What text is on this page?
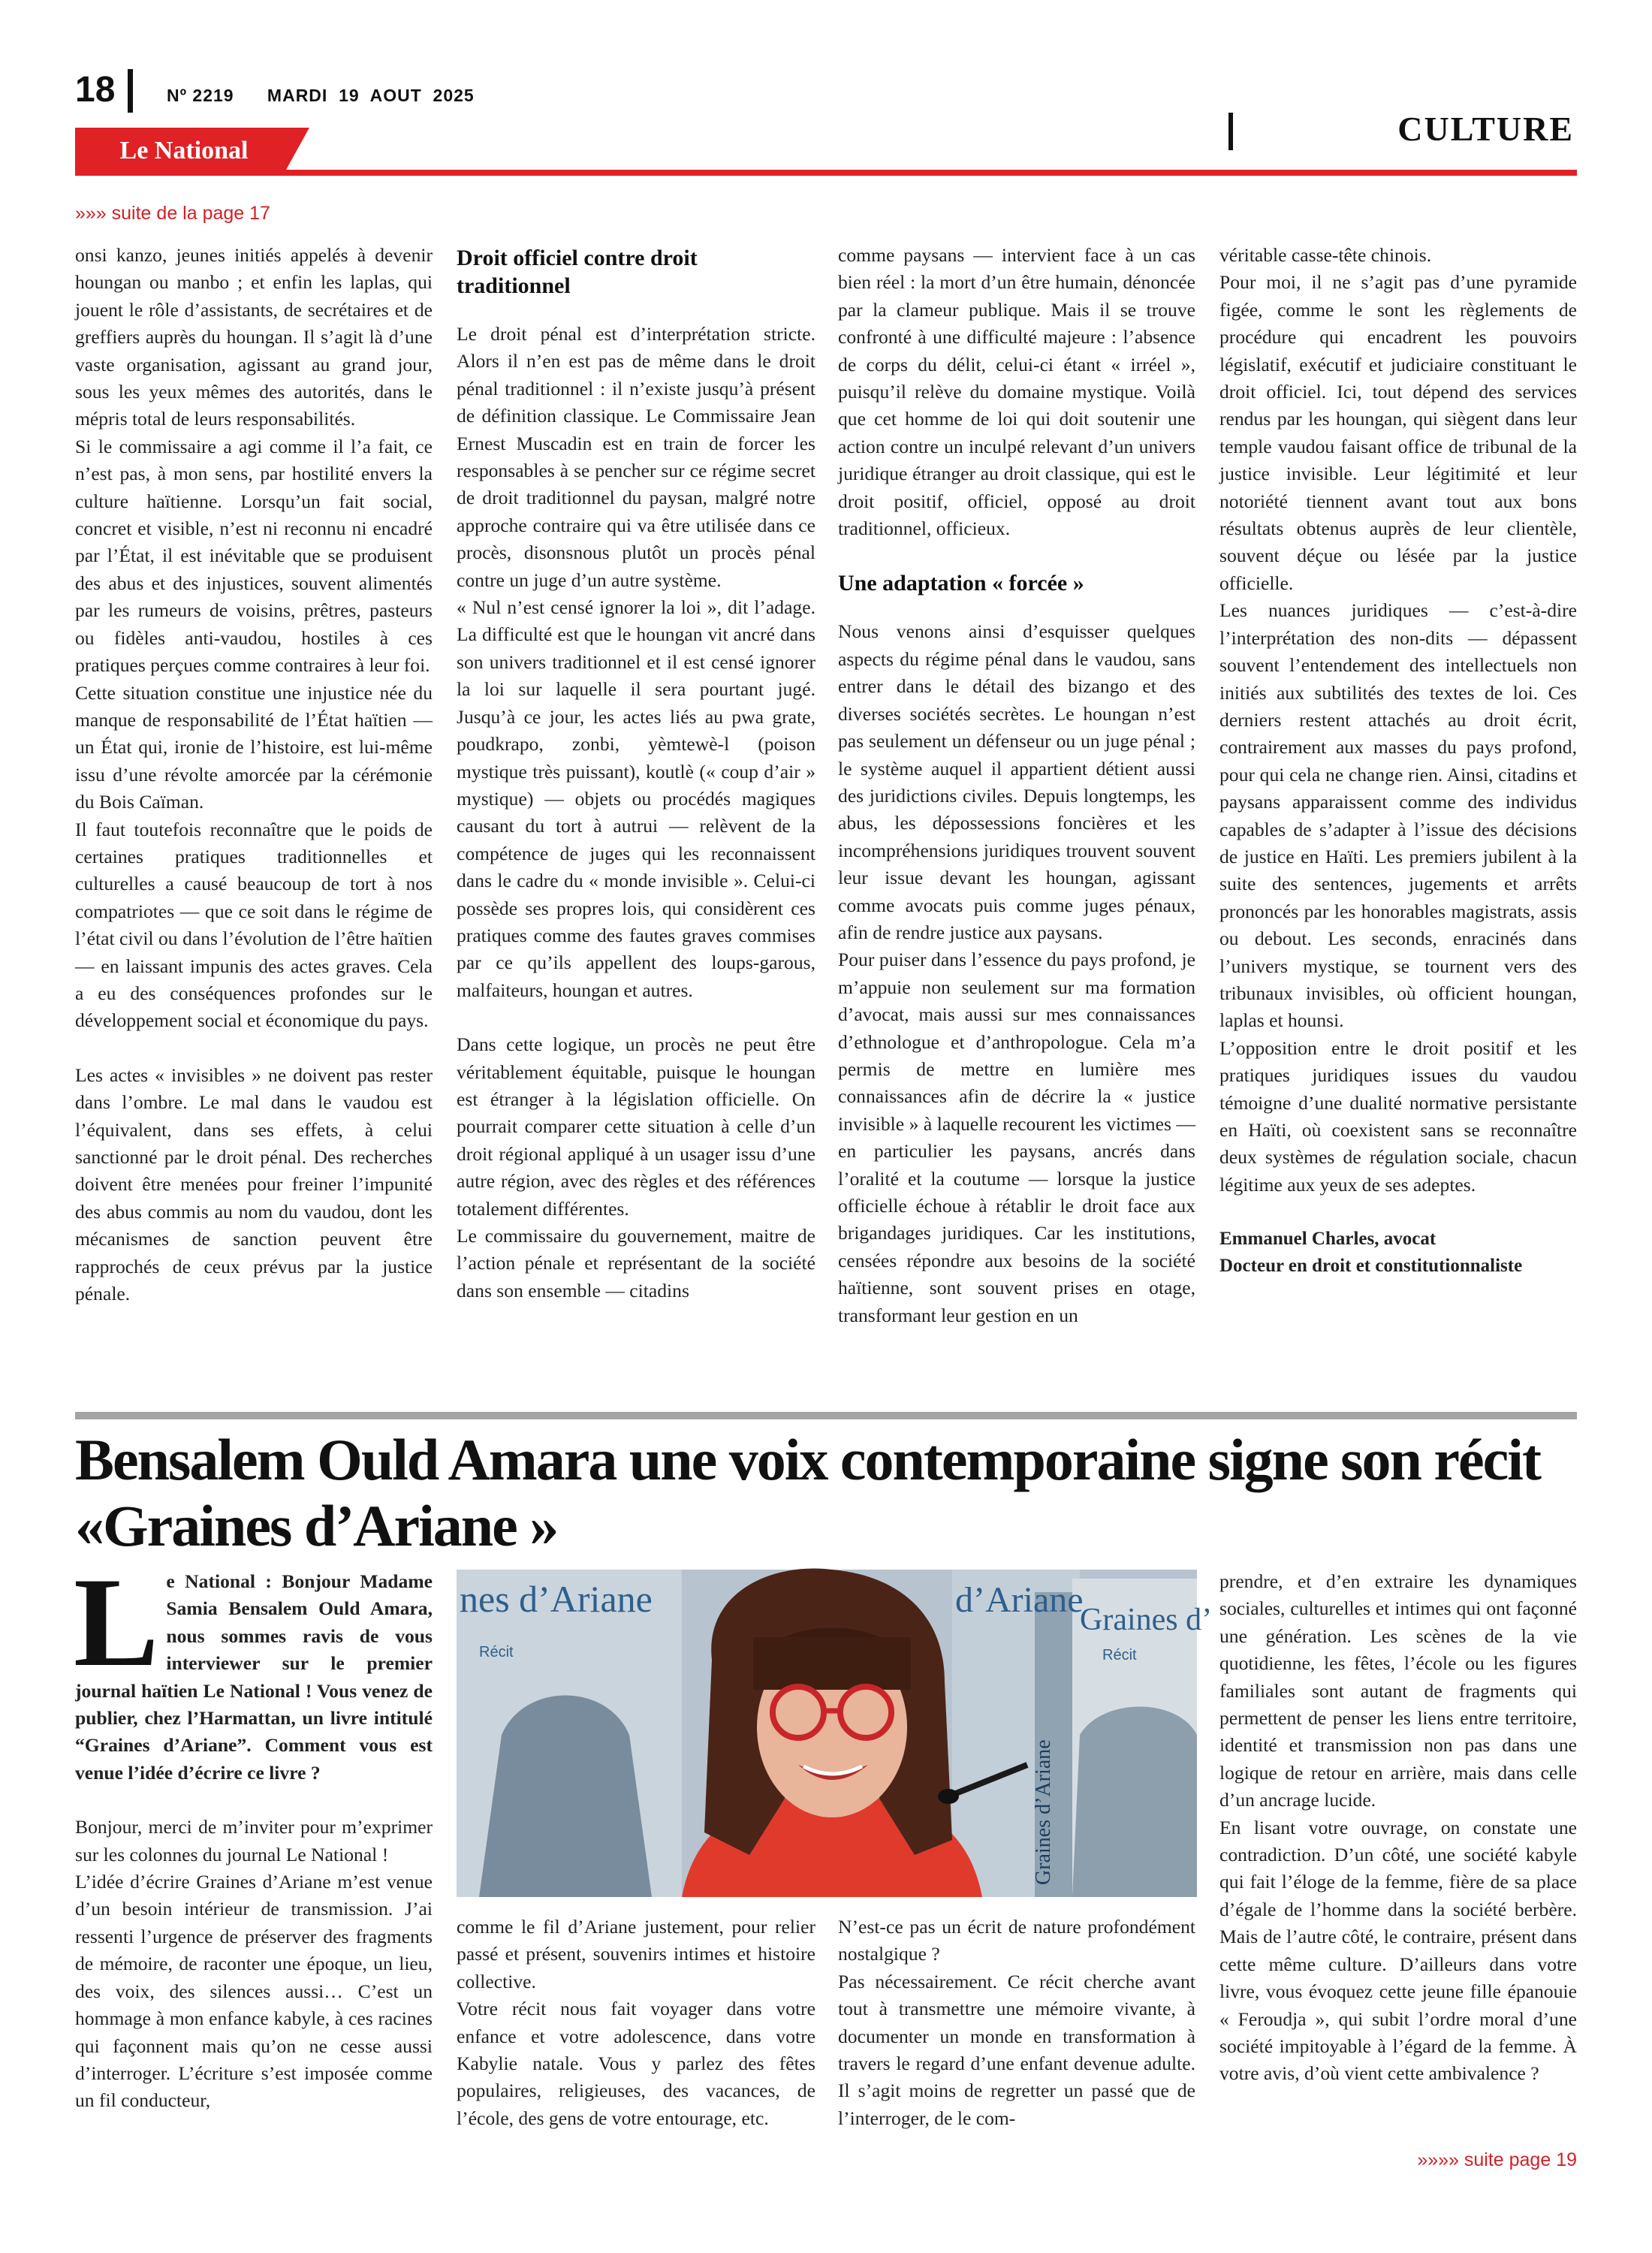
18	Nº 2219 MARDI  19  AOUT  2025
CULTURE
Le National
»»» suite de la page 17

onsi kanzo, jeunes initiés appelés à devenir houngan ou manbo ; et enfin les laplas, qui jouent le rôle d’assistants, de secrétaires et de greffiers auprès du houngan. Il s’agit là d’une vaste organisation, agissant au grand jour, sous les yeux mêmes des autorités, dans le mépris total de leurs responsabilités.

Si le commissaire a agi comme il l’a fait, ce n’est pas, à mon sens, par hostilité envers la culture haïtienne. Lorsqu’un fait social, concret et visible, n’est ni reconnu ni encadré par l’État, il est inévitable que se produisent des abus et des injustices, souvent alimentés par les rumeurs de voisins, prêtres, pasteurs ou fidèles anti-vaudou, hostiles à ces pratiques perçues comme contraires à leur foi.

Cette situation constitue une injustice née du manque de responsabilité de l’État haïtien — un État qui, ironie de l’histoire, est lui-même issu d’une révolte amorcée par la cérémonie du Bois Caïman.

Il faut toutefois reconnaître que le poids de certaines pratiques traditionnelles et culturelles a causé beaucoup de tort à nos compatriotes — que ce soit dans le régime de l’état civil ou dans l’évolution de l’être haïtien — en laissant impunis des actes graves. Cela a eu des conséquences profondes sur le développement social et économique du pays.

Les actes « invisibles » ne doivent pas rester dans l’ombre. Le mal dans le vaudou est l’équivalent, dans ses effets, à celui sanctionné par le droit pénal. Des recherches doivent être menées pour freiner l’impunité des abus commis au nom du vaudou, dont les mécanismes de sanction peuvent être rapprochés de ceux prévus par la justice pénale.

Droit officiel contre droit traditionnel

Le droit pénal est d’interprétation stricte. Alors il n’en est pas de même dans le droit pénal traditionnel : il n’existe jusqu’à présent de définition classique. Le Commissaire Jean Ernest Muscadin est en train de forcer les responsables à se pencher sur ce régime secret de droit traditionnel du paysan, malgré notre approche contraire qui va être utilisée dans ce procès, disonsnous plutôt un procès pénal contre un juge d’un autre système.

« Nul n’est censé ignorer la loi », dit l’adage. La difficulté est que le houngan vit ancré dans son univers traditionnel et il est censé ignorer la loi sur laquelle il sera pourtant jugé. Jusqu’à ce jour, les actes liés au pwa grate, poudkrapo, zonbi, yèmtewè-l (poison mystique très puissant), koutlè (« coup d’air » mystique) — objets ou procédés magiques causant du tort à autrui — relèvent de la compétence de juges qui les reconnaissent dans le cadre du « monde invisible ». Celui-ci possède ses propres lois, qui considèrent ces pratiques comme des fautes graves commises par ce qu’ils appellent des loups-garous, malfaiteurs, houngan et autres.

Dans cette logique, un procès ne peut être véritablement équitable, puisque le houngan est étranger à la législation officielle. On pourrait comparer cette situation à celle d’un droit régional appliqué à un usager issu d’une autre région, avec des règles et des références totalement différentes.

Le commissaire du gouvernement, maitre de l’action pénale et représentant de la société dans son ensemble — citadins

comme paysans — intervient face à un cas bien réel : la mort d’un être humain, dénoncée par la clameur publique. Mais il se trouve confronté à une difficulté majeure : l’absence de corps du délit, celui-ci étant « irréel », puisqu’il relève du domaine mystique. Voilà que cet homme de loi qui doit soutenir une action contre un inculpé relevant d’un univers juridique étranger au droit classique, qui est le droit positif, officiel, opposé au droit traditionnel, officieux.

Une adaptation « forcée »

Nous venons ainsi d’esquisser quelques aspects du régime pénal dans le vaudou, sans entrer dans le détail des bizango et des diverses sociétés secrètes. Le houngan n’est pas seulement un défenseur ou un juge pénal ; le système auquel il appartient détient aussi des juridictions civiles. Depuis longtemps, les abus, les dépossessions foncières et les incompréhensions juridiques trouvent souvent leur issue devant les houngan, agissant comme avocats puis comme juges pénaux, afin de rendre justice aux paysans.

Pour puiser dans l’essence du pays profond, je m’appuie non seulement sur ma formation d’avocat, mais aussi sur mes connaissances d’ethnologue et d’anthropologue. Cela m’a permis de mettre en lumière mes connaissances afin de décrire la « justice invisible » à laquelle recourent les victimes — en particulier les paysans, ancrés dans l’oralité et la coutume — lorsque la justice officielle échoue à rétablir le droit face aux brigandages juridiques. Car les institutions, censées répondre aux besoins de la société haïtienne, sont souvent prises en otage, transformant leur gestion en un

véritable casse-tête chinois.

Pour moi, il ne s’agit pas d’une pyramide figée, comme le sont les règlements de procédure qui encadrent les pouvoirs législatif, exécutif et judiciaire constituant le droit officiel. Ici, tout dépend des services rendus par les houngan, qui siègent dans leur temple vaudou faisant office de tribunal de la justice invisible. Leur légitimité et leur notoriété tiennent avant tout aux bons résultats obtenus auprès de leur clientèle, souvent déçue ou lésée par la justice officielle.

Les nuances juridiques — c’est-à-dire l’interprétation des non-dits — dépassent souvent l’entendement des intellectuels non initiés aux subtilités des textes de loi. Ces derniers restent attachés au droit écrit, contrairement aux masses du pays profond, pour qui cela ne change rien. Ainsi, citadins et paysans apparaissent comme des individus capables de s’adapter à l’issue des décisions de justice en Haïti. Les premiers jubilent à la suite des sentences, jugements et arrêts prononcés par les honorables magistrats, assis ou debout. Les seconds, enracinés dans l’univers mystique, se tournent vers des tribunaux invisibles, où officient houngan, laplas et hounsi.

L’opposition entre le droit positif et les pratiques juridiques issues du vaudou témoigne d’une dualité normative persistante en Haïti, où coexistent sans se reconnaître deux systèmes de régulation sociale, chacun légitime aux yeux de ses adeptes.

Emmanuel Charles, avocat

Docteur en droit et constitutionnaliste

Bensalem Ould Amara une voix contemporaine signe son récit «Graines d’Ariane »
L e National : Bonjour Madame Samia Bensalem Ould Amara, nous sommes ravis de vous interviewer sur le premier journal haïtien Le National ! Vous venez de publier, chez l’Harmattan, un livre intitulé “Graines d’Ariane”. Comment vous est venue l’idée d’écrire ce livre ?

Bonjour, merci de m’inviter pour m’exprimer sur les colonnes du journal Le National !

L’idée d’écrire Graines d’Ariane m’est venue d’un besoin intérieur de transmission. J’ai ressenti l’urgence de préserver des fragments de mémoire, de raconter une époque, un lieu, des voix, des silences aussi… C’est un hommage à mon enfance kabyle, à ces racines qui façonnent mais qu’on ne cesse aussi d’interroger. L’écriture s’est imposée comme un fil conducteur,

nes d’Ariane
Récit
d’Ariane
Graines d’
Récit
Graines d’Ariane

comme le fil d’Ariane justement, pour relier passé et présent, souvenirs intimes et histoire collective.

Votre récit nous fait voyager dans votre enfance et votre adolescence, dans votre Kabylie natale. Vous y parlez des fêtes populaires, religieuses, des vacances, de l’école, des gens de votre entourage, etc.

N’est-ce pas un écrit de nature profondément nostalgique ?

Pas nécessairement. Ce récit cherche avant tout à transmettre une mémoire vivante, à documenter un monde en transformation à travers le regard d’une enfant devenue adulte. Il s’agit moins de regretter un passé que de l’interroger, de le com-

prendre, et d’en extraire les dynamiques sociales, culturelles et intimes qui ont façonné une génération. Les scènes de la vie quotidienne, les fêtes, l’école ou les figures familiales sont autant de fragments qui permettent de penser les liens entre territoire, identité et transmission non pas dans une logique de retour en arrière, mais dans celle d’un ancrage lucide.

En lisant votre ouvrage, on constate une contradiction. D’un côté, une société kabyle qui fait l’éloge de la femme, fière de sa place d’égale de l’homme dans la société berbère. Mais de l’autre côté, le contraire, présent dans cette même culture. D’ailleurs dans votre livre, vous évoquez cette jeune fille épanouie « Feroudja », qui subit l’ordre moral d’une société impitoyable à l’égard de la femme. À votre avis, d’où vient cette ambivalence ?

»»»» suite page 19
